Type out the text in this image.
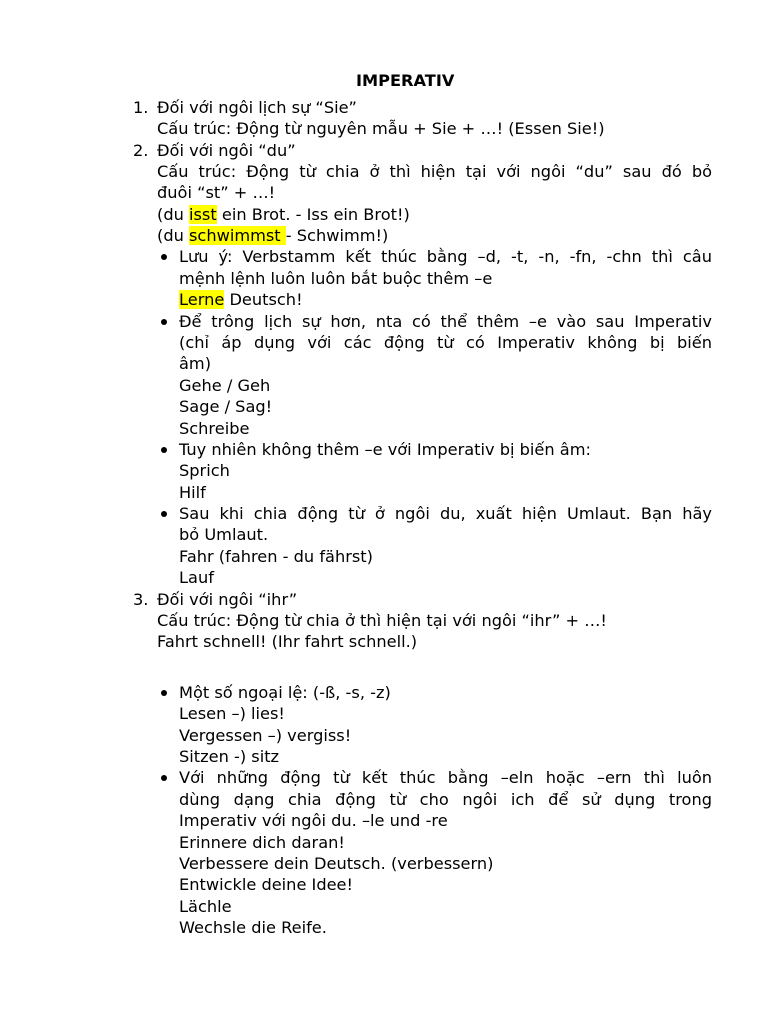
IMPERATIV
1. Đối với ngôi lịch sự “Sie”
Cấu trúc: Động từ nguyên mẫu + Sie + …! (Essen Sie!)
2. Đối với ngôi “du”
Cấu trúc: Động từ chia ở thì hiện tại với ngôi “du” sau đó bỏ
đuôi “st” + …!
(du isst ein Brot. - Iss ein Brot!)
(du schwimmst - Schwimm!)
Lưu ý: Verbstamm kết thúc bằng –d, -t, -n, -fn, -chn thì câu
mệnh lệnh luôn luôn bắt buộc thêm –e
Lerne Deutsch!
Để trông lịch sự hơn, nta có thể thêm –e vào sau Imperativ
(chỉ áp dụng với các động từ có Imperativ không bị biến
âm)
Gehe / Geh
Sage / Sag!
Schreibe
Tuy nhiên không thêm –e với Imperativ bị biến âm:
Sprich
Hilf
Sau khi chia động từ ở ngôi du, xuất hiện Umlaut. Bạn hãy
bỏ Umlaut.
Fahr (fahren - du fährst)
Lauf
3. Đối với ngôi “ihr”
Cấu trúc: Động từ chia ở thì hiện tại với ngôi “ihr” + …!
Fahrt schnell! (Ihr fahrt schnell.)
Một số ngoại lệ: (-ß, -s, -z)
Lesen –) lies!
Vergessen –) vergiss!
Sitzen -) sitz
Với những động từ kết thúc bằng –eln hoặc –ern thì luôn
dùng dạng chia động từ cho ngôi ich để sử dụng trong
Imperativ với ngôi du. –le und -re
Erinnere dich daran!
Verbessere dein Deutsch. (verbessern)
Entwickle deine Idee!
Lächle
Wechsle die Reife.
